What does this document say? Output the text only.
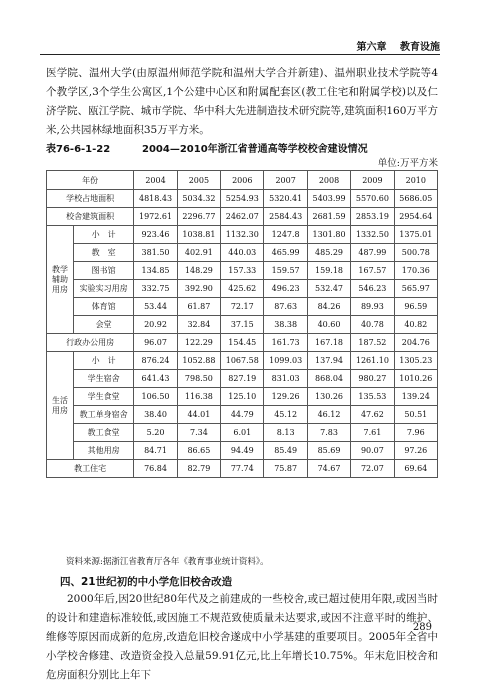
第六章 教育设施

医学院、温州大学(由原温州师范学院和温州大学合并新建)、温州职业技术学院等4个教学区,3个学生公寓区,1个公建中心区和附属配套区(教工住宅和附属学校)以及仁济学院、瓯江学院、城市学院、华中科大先进制造技术研究院等,建筑面积160万平方米,公共园林绿地面积35万平方米。

表76-6-1-22	2004—2010年浙江省普通高等学校校舍建设情况
单位:万平方米
年份		2004	2005	2006	2007	2008	2009	2010
学校占地面积		4818.43	5034.32	5254.93	5320.41	5403.99	5570.60	5686.05
校舍建筑面积		1972.61	2296.77	2462.07	2584.43	2681.59	2853.19	2954.64
教学辅助用房	小　计	923.46	1038.81	1132.30	1247.8	1301.80	1332.50	1375.01
	教　室	381.50	402.91	440.03	465.99	485.29	487.99	500.78
	图书馆	134.85	148.29	157.33	159.57	159.18	167.57	170.36
	实验实习用房	332.75	392.90	425.62	496.23	532.47	546.23	565.97
	体育馆	53.44	61.87	72.17	87.63	84.26	89.93	96.59
	会堂	20.92	32.84	37.15	38.38	40.60	40.78	40.82
行政办公用房		96.07	122.29	154.45	161.73	167.18	187.52	204.76
生活用房	小　计	876.24	1052.88	1067.58	1099.03	137.94	1261.10	1305.23
	学生宿舍	641.43	798.50	827.19	831.03	868.04	980.27	1010.26
	学生食堂	106.50	116.38	125.10	129.26	130.26	135.53	139.24
	教工单身宿舍	38.40	44.01	44.79	45.12	46.12	47.62	50.51
	教工食堂	5.20	7.34	6.01	8.13	7.83	7.61	7.96
	其他用房	84.71	86.65	94.49	85.49	85.69	90.07	97.26
教工住宅		76.84	82.79	77.74	75.87	74.67	72.07	69.64
资料来源:据浙江省教育厅各年《教育事业统计资料》。
四、21世纪初的中小学危旧校舍改造

2000年后,因20世纪80年代及之前建成的一些校舍,或已超过使用年限,或因当时的设计和建造标准较低,或因施工不规范致使质量未达要求,或因不注意平时的维护、维修等原因而成新的危房,改造危旧校舍遂成中小学基建的重要项目。2005年全省中小学校舍修建、改造资金投入总量59.91亿元,比上年增长10.75%。年末危旧校舍和危房面积分别比上年下

289
